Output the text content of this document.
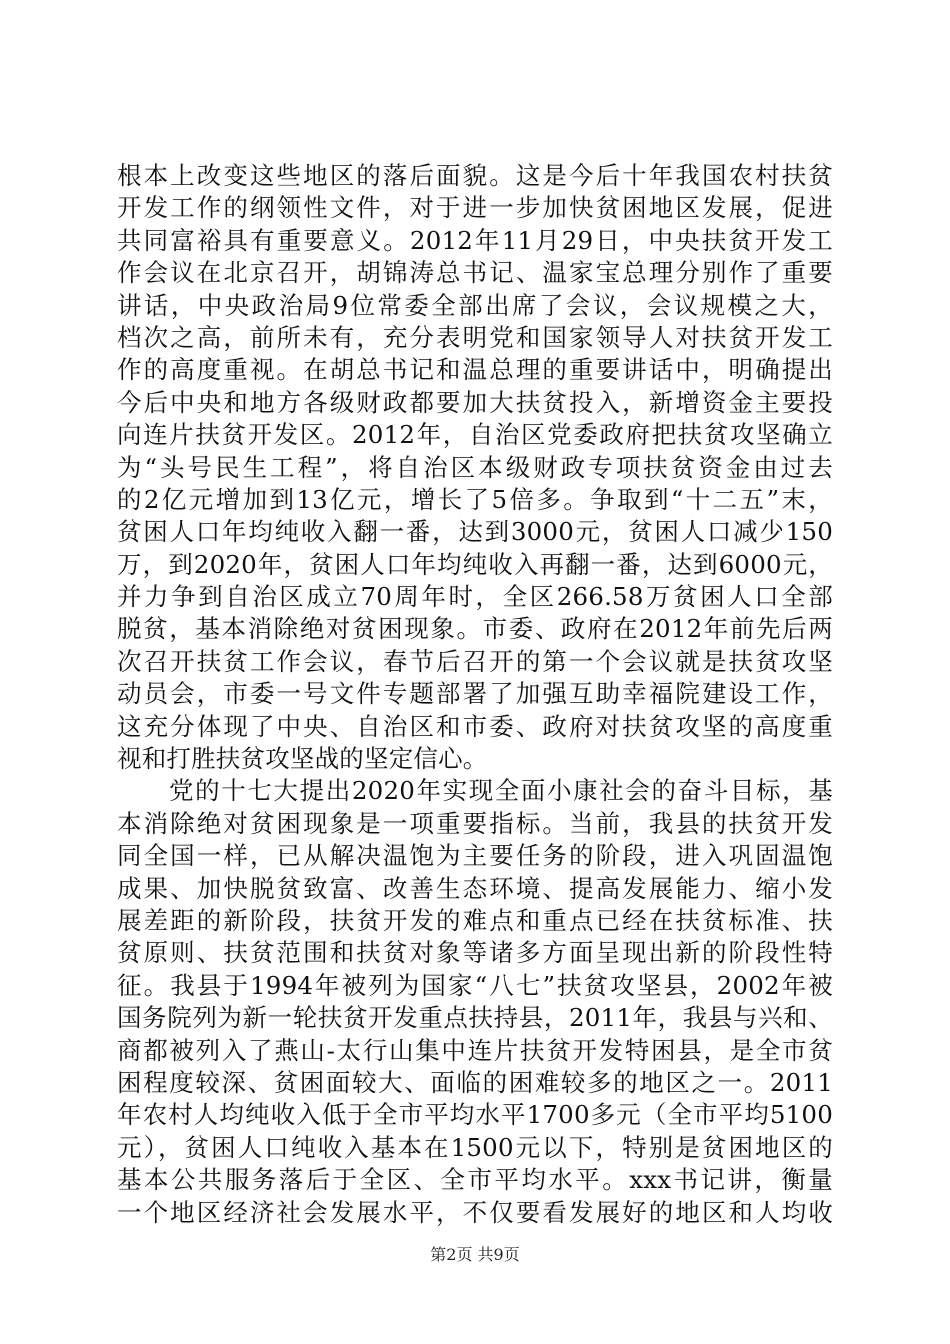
根本上改变这些地区的落后面貌。这是今后十年我国农村扶贫
开发工作的纲领性文件，对于进一步加快贫困地区发展，促进
共同富裕具有重要意义。2012年11月29日，中央扶贫开发工
作会议在北京召开，胡锦涛总书记、温家宝总理分别作了重要
讲话，中央政治局9位常委全部出席了会议，会议规模之大，
档次之高，前所未有，充分表明党和国家领导人对扶贫开发工
作的高度重视。在胡总书记和温总理的重要讲话中，明确提出
今后中央和地方各级财政都要加大扶贫投入，新增资金主要投
向连片扶贫开发区。2012年，自治区党委政府把扶贫攻坚确立
为“头号民生工程”，将自治区本级财政专项扶贫资金由过去
的2亿元增加到13亿元，增长了5倍多。争取到“十二五”末，
贫困人口年均纯收入翻一番，达到3000元，贫困人口减少150
万，到2020年，贫困人口年均纯收入再翻一番，达到6000元，
并力争到自治区成立70周年时，全区266.58万贫困人口全部
脱贫，基本消除绝对贫困现象。市委、政府在2012年前先后两
次召开扶贫工作会议，春节后召开的第一个会议就是扶贫攻坚
动员会，市委一号文件专题部署了加强互助幸福院建设工作，
这充分体现了中央、自治区和市委、政府对扶贫攻坚的高度重
视和打胜扶贫攻坚战的坚定信心。
党的十七大提出2020年实现全面小康社会的奋斗目标，基
本消除绝对贫困现象是一项重要指标。当前，我县的扶贫开发
同全国一样，已从解决温饱为主要任务的阶段，进入巩固温饱
成果、加快脱贫致富、改善生态环境、提高发展能力、缩小发
展差距的新阶段，扶贫开发的难点和重点已经在扶贫标准、扶
贫原则、扶贫范围和扶贫对象等诸多方面呈现出新的阶段性特
征。我县于1994年被列为国家“八七”扶贫攻坚县，2002年被
国务院列为新一轮扶贫开发重点扶持县，2011年，我县与兴和、
商都被列入了燕山-太行山集中连片扶贫开发特困县，是全市贫
困程度较深、贫困面较大、面临的困难较多的地区之一。2011
年农村人均纯收入低于全市平均水平1700多元（全市平均5100
元），贫困人口纯收入基本在1500元以下，特别是贫困地区的
基本公共服务落后于全区、全市平均水平。xxx书记讲，衡量
一个地区经济社会发展水平，不仅要看发展好的地区和人均收
第2页 共9页
